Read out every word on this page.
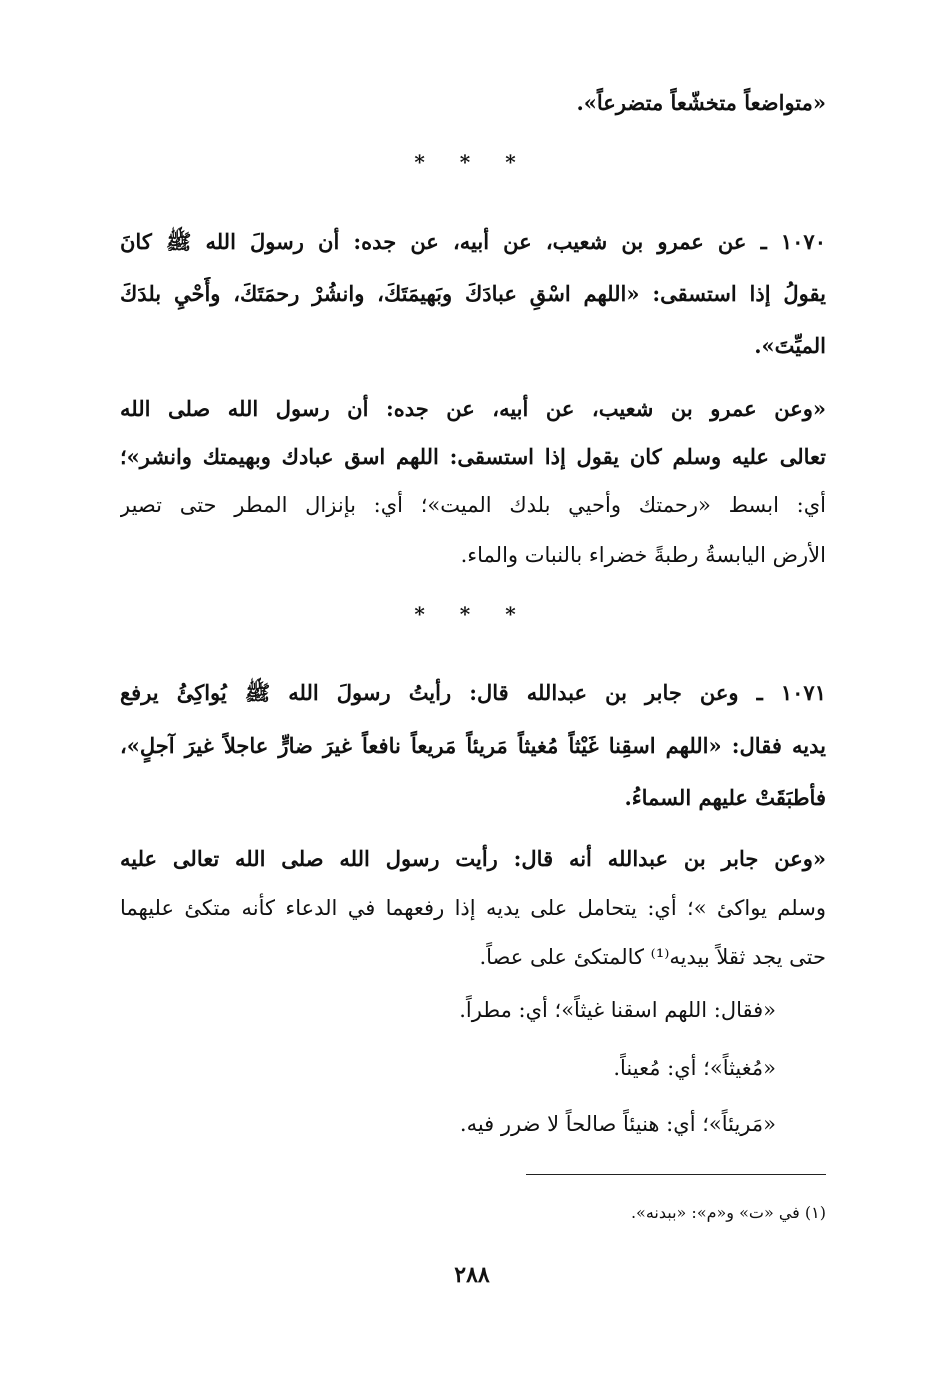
«متواضعاً متخشّعاً متضرعاً».
* * *
١٠٧٠ ـ عن عمرو بن شعيب، عن أبيه، عن جده: أن رسولَ الله ﷺ كانَ
يقولُ إذا استسقى: «اللهم اسْقِ عبادَكَ وبَهيمَتَكَ، وانشُرْ رحمَتَكَ، وأَحْيِ بلدَكَ
الميِّتَ».
«وعن عمرو بن شعيب، عن أبيه، عن جده: أن رسول الله صلى الله
تعالى عليه وسلم كان يقول إذا استسقى: اللهم اسق عبادك وبهيمتك وانشر»؛
أي: ابسط «رحمتك وأحيي بلدك الميت»؛ أي: بإنزال المطر حتى تصير
الأرض اليابسةُ رطبةً خضراء بالنبات والماء.
* * *
١٠٧١ ـ وعن جابر بن عبدالله قال: رأيتُ رسولَ الله ﷺ يُواكِئُ يرفع
يديه فقال: «اللهم اسقِنا غَيْثاً مُغيثاً مَريئاً مَريعاً نافعاً غيرَ ضارٍّ عاجلاً غيرَ آجلٍ»،
فأطبَقَتْ عليهم السماءُ.
«وعن جابر بن عبدالله أنه قال: رأيت رسول الله صلى الله تعالى عليه
وسلم يواكئ »؛ أي: يتحامل على يديه إذا رفعهما في الدعاء كأنه متكئ عليهما
حتى يجد ثقلاً بيديه⁽¹⁾ كالمتكئ على عصاً.
«فقال: اللهم اسقنا غيثاً»؛ أي: مطراً.
«مُغيثاً»؛ أي: مُعيناً.
«مَريئاً»؛ أي: هنيئاً صالحاً لا ضرر فيه.
(١) في «ت» و«م»: «ببدنه».
٢٨٨
